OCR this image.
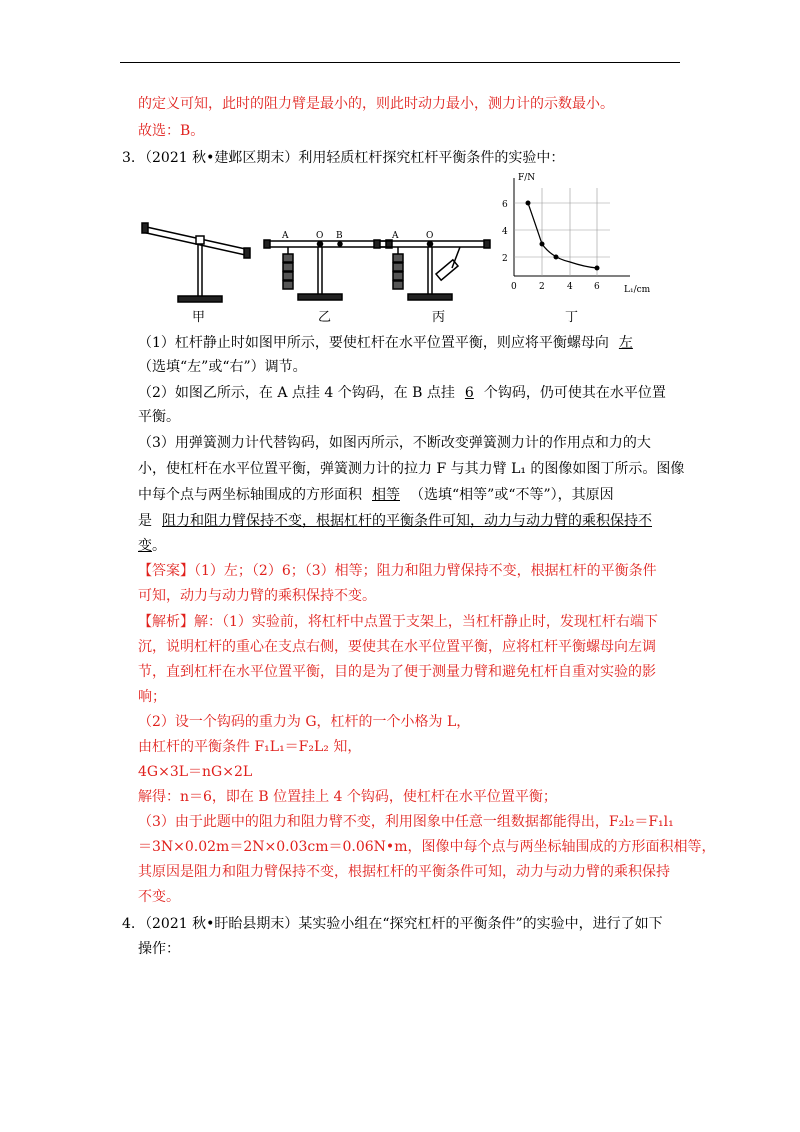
的定义可知，此时的阻力臂是最小的，则此时动力最小，测力计的示数最小。
故选：B。
3. （2021 秋•建邺区期末）利用轻质杠杆探究杠杆平衡条件的实验中：
A	O B	A	O
F/N
L₁/cm
2
4
6
0 2 4 6
甲	乙	丙	丁
（1）杠杆静止时如图甲所示，要使杠杆在水平位置平衡，则应将平衡螺母向 左
（选填“左”或“右”）调节。
（2）如图乙所示，在 A 点挂 4 个钩码，在 B 点挂 6 个钩码，仍可使其在水平位置
平衡。
（3）用弹簧测力计代替钩码，如图丙所示，不断改变弹簧测力计的作用点和力的大
小，使杠杆在水平位置平衡，弹簧测力计的拉力 F 与其力臂 L₁ 的图像如图丁所示。图像
中每个点与两坐标轴围成的方形面积 相等 （选填“相等”或“不等”），其原因
是 阻力和阻力臂保持不变，根据杠杆的平衡条件可知，动力与动力臂的乘积保持不
变。
【答案】（1）左；（2）6；（3）相等；阻力和阻力臂保持不变，根据杠杆的平衡条件
可知，动力与动力臂的乘积保持不变。
【解析】解：（1）实验前，将杠杆中点置于支架上，当杠杆静止时，发现杠杆右端下
沉，说明杠杆的重心在支点右侧，要使其在水平位置平衡，应将杠杆平衡螺母向左调
节，直到杠杆在水平位置平衡，目的是为了便于测量力臂和避免杠杆自重对实验的影
响；
（2）设一个钩码的重力为 G，杠杆的一个小格为 L，
由杠杆的平衡条件 F₁L₁＝F₂L₂ 知，
4G×3L＝nG×2L
解得：n＝6，即在 B 位置挂上 4 个钩码，使杠杆在水平位置平衡；
（3）由于此题中的阻力和阻力臂不变，利用图象中任意一组数据都能得出，F₂l₂＝F₁l₁
＝3N×0.02m＝2N×0.03cm＝0.06N•m，图像中每个点与两坐标轴围成的方形面积相等，
其原因是阻力和阻力臂保持不变，根据杠杆的平衡条件可知，动力与动力臂的乘积保持
不变。
4. （2021 秋•盱眙县期末）某实验小组在“探究杠杆的平衡条件”的实验中，进行了如下
操作：
